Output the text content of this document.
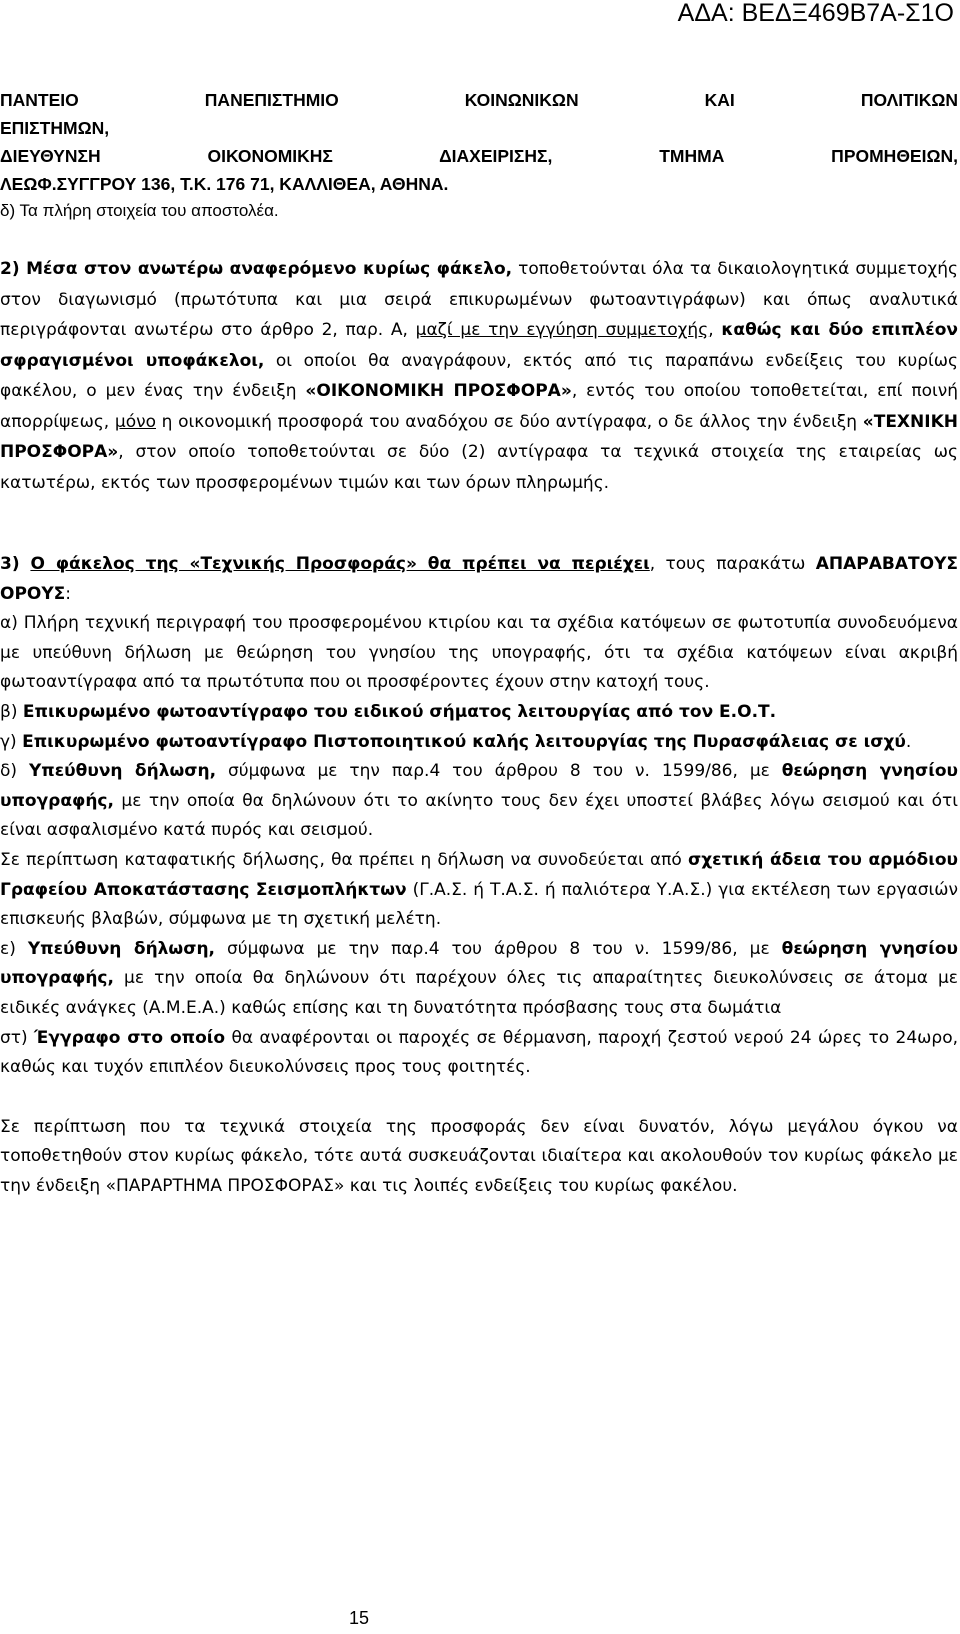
ΑΔΑ: ΒΕΔΞ469Β7Α-Σ1Ο

ΠΑΝΤΕΙΟ ΠΑΝΕΠΙΣΤΗΜΙΟ ΚΟΙΝΩΝΙΚΩΝ ΚΑΙ ΠΟΛΙΤΙΚΩΝ

ΕΠΙΣΤΗΜΩΝ,

ΔΙΕΥΘΥΝΣΗ ΟΙΚΟΝΟΜΙΚΗΣ ΔΙΑΧΕΙΡΙΣΗΣ, ΤΜΗΜΑ ΠΡΟΜΗΘΕΙΩΝ,

ΛΕΩΦ.ΣΥΓΓΡΟΥ 136, Τ.Κ. 176 71, ΚΑΛΛΙΘΕΑ, ΑΘΗΝΑ.

δ) Τα πλήρη στοιχεία του αποστολέα.

2) Μέσα στον ανωτέρω αναφερόμενο κυρίως φάκελο, τοποθετούνται όλα τα δικαιολογητικά συμμετοχής στον διαγωνισμό (πρωτότυπα και μια σειρά επικυρωμένων φωτοαντιγράφων) και όπως αναλυτικά περιγράφονται ανωτέρω στο άρθρο 2, παρ. Α, μαζί με την εγγύηση συμμετοχής, καθώς και δύο επιπλέον σφραγισμένοι υποφάκελοι, οι οποίοι θα αναγράφουν, εκτός από τις παραπάνω ενδείξεις του κυρίως φακέλου, ο μεν ένας την ένδειξη «ΟΙΚΟΝΟΜΙΚΗ ΠΡΟΣΦΟΡΑ», εντός του οποίου τοποθετείται, επί ποινή απορρίψεως, μόνο η οικονομική προσφορά του αναδόχου σε δύο αντίγραφα, ο δε άλλος την ένδειξη «ΤΕΧΝΙΚΗ ΠΡΟΣΦΟΡΑ», στον οποίο τοποθετούνται σε δύο (2) αντίγραφα τα τεχνικά στοιχεία της εταιρείας ως κατωτέρω, εκτός των προσφερομένων τιμών και των όρων πληρωμής.

3) Ο φάκελος της «Τεχνικής Προσφοράς» θα πρέπει να περιέχει, τους παρακάτω ΑΠΑΡΑΒΑΤΟΥΣ ΟΡΟΥΣ:

α) Πλήρη τεχνική περιγραφή του προσφερομένου κτιρίου και τα σχέδια κατόψεων σε φωτοτυπία συνοδευόμενα με υπεύθυνη δήλωση με θεώρηση του γνησίου της υπογραφής, ότι τα σχέδια κατόψεων είναι ακριβή φωτοαντίγραφα από τα πρωτότυπα που οι προσφέροντες έχουν στην κατοχή τους.

β) Επικυρωμένο φωτοαντίγραφο του ειδικού σήματος λειτουργίας από τον Ε.Ο.Τ.

γ) Επικυρωμένο φωτοαντίγραφο Πιστοποιητικού καλής λειτουργίας της Πυρασφάλειας σε ισχύ.

δ) Υπεύθυνη δήλωση, σύμφωνα με την παρ.4 του άρθρου 8 του ν. 1599/86, με θεώρηση γνησίου υπογραφής, με την οποία θα δηλώνουν ότι το ακίνητο τους δεν έχει υποστεί βλάβες λόγω σεισμού και ότι είναι ασφαλισμένο κατά πυρός και σεισμού.

Σε περίπτωση καταφατικής δήλωσης, θα πρέπει η δήλωση να συνοδεύεται από σχετική άδεια του αρμόδιου Γραφείου Αποκατάστασης Σεισμοπλήκτων (Γ.Α.Σ. ή Τ.Α.Σ. ή παλιότερα Υ.Α.Σ.) για εκτέλεση των εργασιών επισκευής βλαβών, σύμφωνα με τη σχετική μελέτη.

ε) Υπεύθυνη δήλωση, σύμφωνα με την παρ.4 του άρθρου 8 του ν. 1599/86, με θεώρηση γνησίου υπογραφής, με την οποία θα δηλώνουν ότι παρέχουν όλες τις απαραίτητες διευκολύνσεις σε άτομα με ειδικές ανάγκες (Α.Μ.Ε.Α.) καθώς επίσης και τη δυνατότητα πρόσβασης τους στα δωμάτια

στ) Έγγραφο στο οποίο θα αναφέρονται οι παροχές σε θέρμανση, παροχή ζεστού νερού 24 ώρες το 24ωρο, καθώς και τυχόν επιπλέον διευκολύνσεις προς τους φοιτητές.

Σε περίπτωση που τα τεχνικά στοιχεία της προσφοράς δεν είναι δυνατόν, λόγω μεγάλου όγκου να τοποθετηθούν στον κυρίως φάκελο, τότε αυτά συσκευάζονται ιδιαίτερα και ακολουθούν τον κυρίως φάκελο με την ένδειξη «ΠΑΡΑΡΤΗΜΑ ΠΡΟΣΦΟΡΑΣ» και τις λοιπές ενδείξεις του κυρίως φακέλου.

15
